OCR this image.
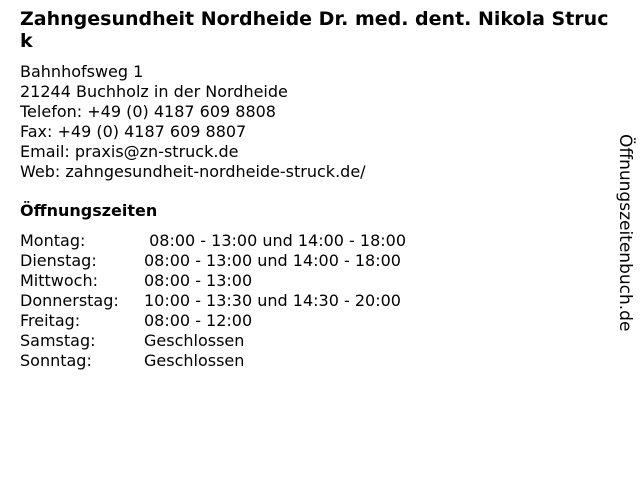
Zahngesundheit Nordheide Dr. med. dent. Nikola Struck
Bahnhofsweg 1
21244 Buchholz in der Nordheide
Telefon: +49 (0) 4187 609 8808
Fax: +49 (0) 4187 609 8807
Email: praxis@zn-struck.de
Web: zahngesundheit-nordheide-struck.de/
Öffnungszeiten
Montag:	08:00 - 13:00 und 14:00 - 18:00
Dienstag:	08:00 - 13:00 und 14:00 - 18:00
Mittwoch:	08:00 - 13:00
Donnerstag:	10:00 - 13:30 und 14:30 - 20:00
Freitag:	08:00 - 12:00
Samstag:	Geschlossen
Sonntag:	Geschlossen
Öffnungszeitenbuch.de
